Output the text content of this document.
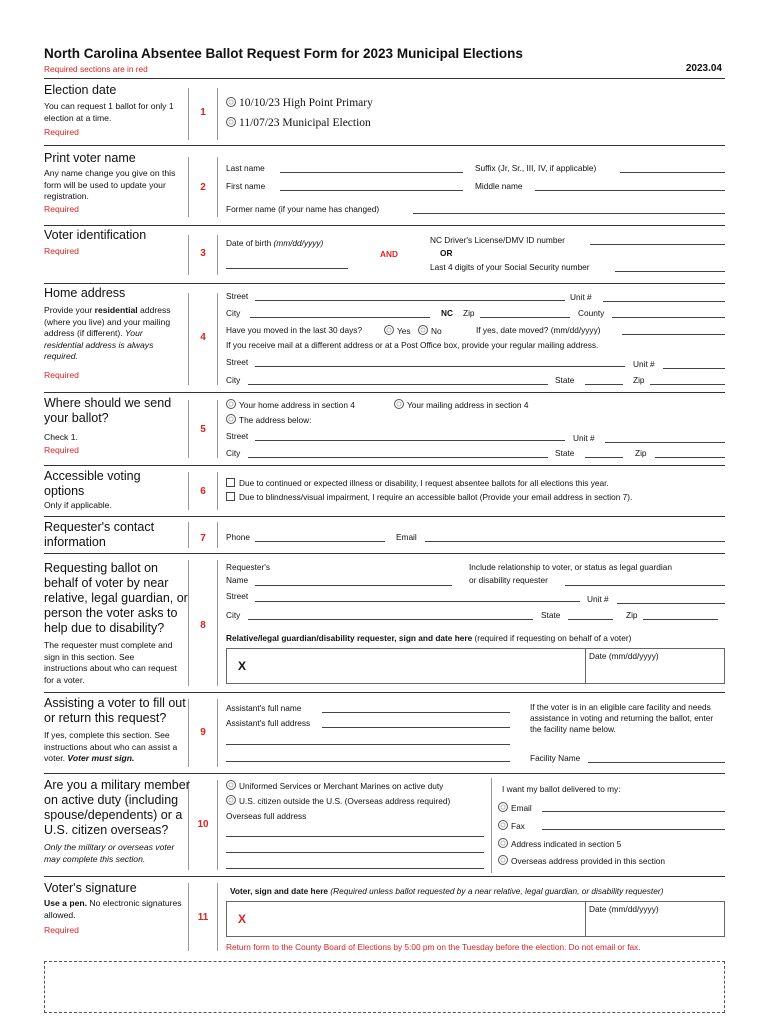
North Carolina Absentee Ballot Request Form for 2023 Municipal Elections
Required sections are in red	2023.04
1
Election date
You can request 1 ballot for only 1 election at a time.
Required
10/10/23 High Point Primary
11/07/23 Municipal Election
2
Print voter name
Any name change you give on this form will be used to update your registration.
Required
Last name	Suffix (Jr, Sr., III, IV, if applicable)
First name	Middle name
Former name (if your name has changed)
3
Voter identification
Required
Date of birth (mm/dd/yyyy)
AND
NC Driver's License/DMV ID number
OR
Last 4 digits of your Social Security number
4
Home address
Provide your residential address (where you live) and your mailing address (if different). Your residential address is always required.
Required
Street	Unit #
City	NC Zip	County
Have you moved in the last 30 days?	Yes	No	If yes, date moved? (mm/dd/yyyy)
If you receive mail at a different address or at a Post Office box, provide your regular mailing address.
Street	Unit #
City	State	Zip
5
Where should we send your ballot?
Check 1.
Required
Your home address in section 4	Your mailing address in section 4
The address below:
Street	Unit #
City	State	Zip
6
Accessible voting options
Only if applicable.
Due to continued or expected illness or disability, I request absentee ballots for all elections this year.
Due to blindness/visual impairment, I require an accessible ballot (Provide your email address in section 7).
7
Requester's contact information	Phone	Email
8
Requesting ballot on behalf of voter by near relative, legal guardian, or person the voter asks to help due to disability?
The requester must complete and sign in this section. See instructions about who can request for a voter.
Requester's
Name
Include relationship to voter, or status as legal guardian
or disability requester
Street	Unit #
City	State	Zip
Relative/legal guardian/disability requester, sign and date here (required if requesting on behalf of a voter)
X
Date (mm/dd/yyyy)
9
Assisting a voter to fill out or return this request?
If yes, complete this section. See instructions about who can assist a voter. Voter must sign.
Assistant's full name
Assistant's full address
If the voter is in an eligible care facility and needs assistance in voting and returning the ballot, enter the facility name below.
Facility Name
10
Are you a military member on active duty (including spouse/dependents) or a U.S. citizen overseas?
Only the military or overseas voter may complete this section.
Uniformed Services or Merchant Marines on active duty
U.S. citizen outside the U.S. (Overseas address required)
Overseas full address
I want my ballot delivered to my:
Email
Fax
Address indicated in section 5
Overseas address provided in this section
11
Voter's signature
Use a pen. No electronic signatures allowed.
Required
Voter, sign and date here (Required unless ballot requested by a near relative, legal guardian, or disability requester)
X
Date (mm/dd/yyyy)
Return form to the County Board of Elections by 5:00 pm on the Tuesday before the election. Do not email or fax.
